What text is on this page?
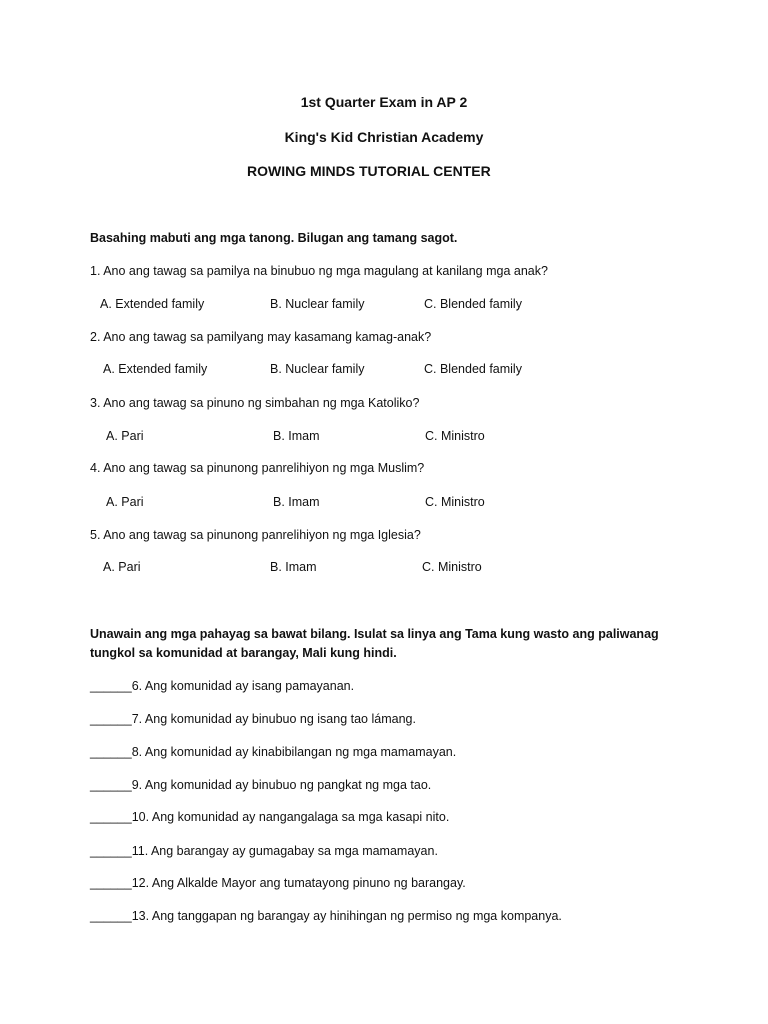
1st Quarter Exam in AP 2
King's Kid Christian Academy
ROWING MINDS TUTORIAL CENTER
Basahing mabuti ang mga tanong. Bilugan ang tamang sagot.
1. Ano ang tawag sa pamilya na binubuo ng mga magulang at kanilang mga anak?
A. Extended family	B. Nuclear family	C. Blended family
2. Ano ang tawag sa pamilyang may kasamang kamag-anak?
A. Extended family	B. Nuclear family	C. Blended family
3. Ano ang tawag sa pinuno ng simbahan ng mga Katoliko?
A. Pari	B. Imam	C. Ministro
4. Ano ang tawag sa pinunong panrelihiyon ng mga Muslim?
A. Pari	B. Imam	C. Ministro
5. Ano ang tawag sa pinunong panrelihiyon ng mga Iglesia?
A. Pari	B. Imam	C. Ministro
Unawain ang mga pahayag sa bawat bilang. Isulat sa linya ang Tama kung wasto ang paliwanag
tungkol sa komunidad at barangay, Mali kung hindi.
______6. Ang komunidad ay isang pamayanan.
______7. Ang komunidad ay binubuo ng isang tao lámang.
______8. Ang komunidad ay kinabibilangan ng mga mamamayan.
______9. Ang komunidad ay binubuo ng pangkat ng mga tao.
______10. Ang komunidad ay nangangalaga sa mga kasapi nito.
______11. Ang barangay ay gumagabay sa mga mamamayan.
______12. Ang Alkalde Mayor ang tumatayong pinuno ng barangay.
______13. Ang tanggapan ng barangay ay hinihingan ng permiso ng mga kompanya.
